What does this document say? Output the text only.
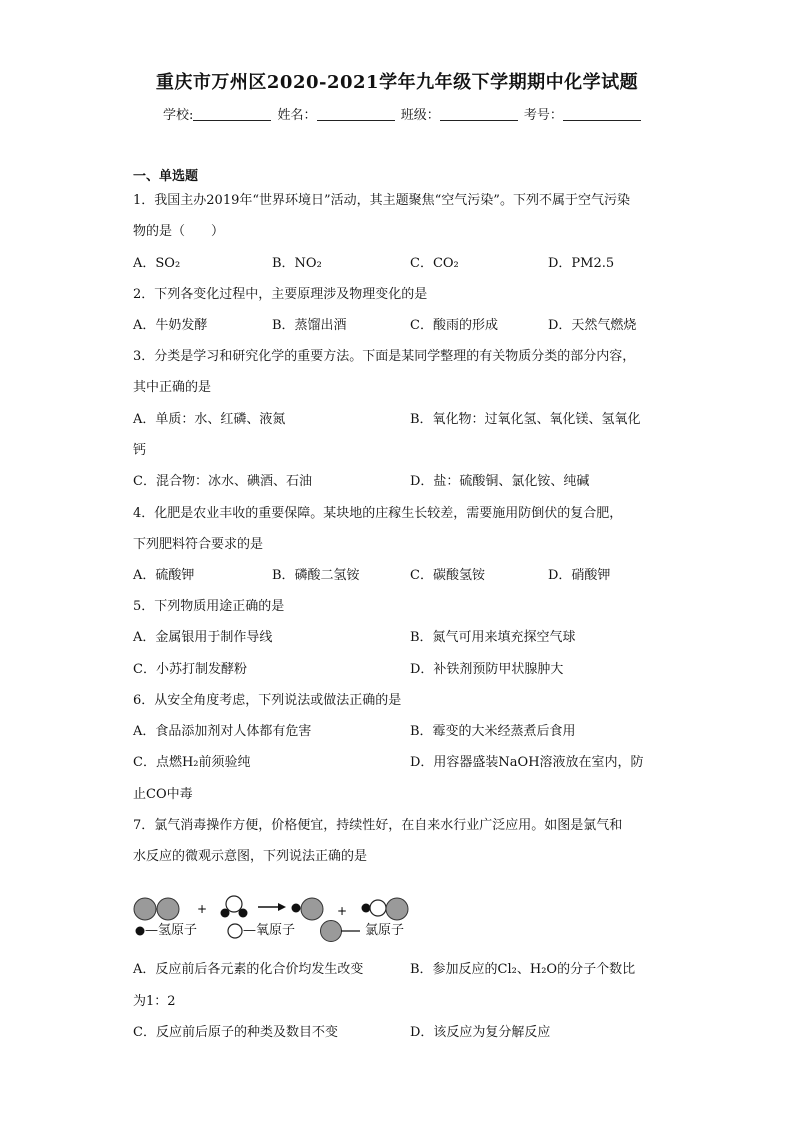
重庆市万州区2020-2021学年九年级下学期期中化学试题
学校:	姓名：	班级：	考号：
一、单选题
1．我国主办2019年“世界环境日”活动，其主题聚焦“空气污染”。下列不属于空气污染
物的是（　　）
A．SO₂	B．NO₂	C．CO₂	D．PM2.5
2．下列各变化过程中，主要原理涉及物理变化的是
A．牛奶发酵	B．蒸馏出酒	C．酸雨的形成	D．天然气燃烧
3．分类是学习和研究化学的重要方法。下面是某同学整理的有关物质分类的部分内容，
其中正确的是
A．单质：水、红磷、液氮	B．氧化物：过氧化氢、氧化镁、氢氧化
钙
C．混合物：冰水、碘酒、石油	D．盐：硫酸铜、氯化铵、纯碱
4．化肥是农业丰收的重要保障。某块地的庄稼生长较差，需要施用防倒伏的复合肥，
下列肥料符合要求的是
A．硫酸钾	B．磷酸二氢铵	C．碳酸氢铵	D．硝酸钾
5．下列物质用途正确的是
A．金属银用于制作导线	B．氮气可用来填充探空气球
C．小苏打制发酵粉	D．补铁剂预防甲状腺肿大
6．从安全角度考虑，下列说法或做法正确的是
A．食品添加剂对人体都有危害	B．霉变的大米经蒸煮后食用
C．点燃H₂前须验纯	D．用容器盛装NaOH溶液放在室内，防
止CO中毒
7．氯气消毒操作方便，价格便宜，持续性好，在自来水行业广泛应用。如图是氯气和
水反应的微观示意图，下列说法正确的是
+	+
—氢原子	—氧原子	氯原子
A．反应前后各元素的化合价均发生改变	B．参加反应的Cl₂、H₂O的分子个数比
为1：2
C．反应前后原子的种类及数目不变	D．该反应为复分解反应
